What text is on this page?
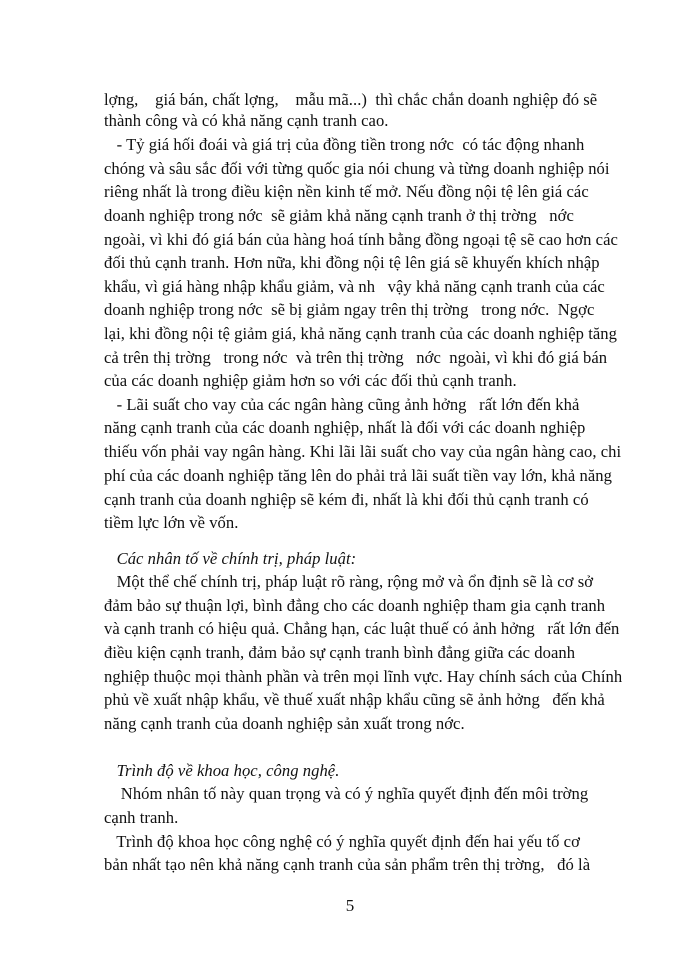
lợng,    giá bán, chất lợng,    mẫu mã...)  thì chắc chắn doanh nghiệp đó sẽ
thành công và có khả năng cạnh tranh cao.
- Tỷ giá hối đoái và giá trị của đồng tiền trong nớc  có tác động nhanh
chóng và sâu sắc đối với từng quốc gia nói chung và từng doanh nghiệp nói
riêng nhất là trong điều kiện nền kinh tế mở. Nếu đồng nội tệ lên giá các
doanh nghiệp trong nớc  sẽ giảm khả năng cạnh tranh ở thị trờng   nớc
ngoài, vì khi đó giá bán của hàng hoá tính bằng đồng ngoại tệ sẽ cao hơn các
đối thủ cạnh tranh. Hơn nữa, khi đồng nội tệ lên giá sẽ khuyến khích nhập
khẩu, vì giá hàng nhập khẩu giảm, và nh   vậy khả năng cạnh tranh của các
doanh nghiệp trong nớc  sẽ bị giảm ngay trên thị trờng   trong nớc.  Ngợc
lại, khi đồng nội tệ giảm giá, khả năng cạnh tranh của các doanh nghiệp tăng
cả trên thị trờng   trong nớc  và trên thị trờng   nớc  ngoài, vì khi đó giá bán
của các doanh nghiệp giảm hơn so với các đối thủ cạnh tranh.
- Lãi suất cho vay của các ngân hàng cũng ảnh hởng   rất lớn đến khả
năng cạnh tranh của các doanh nghiệp, nhất là đối với các doanh nghiệp
thiếu vốn phải vay ngân hàng. Khi lãi lãi suất cho vay của ngân hàng cao, chi
phí của các doanh nghiệp tăng lên do phải trả lãi suất tiền vay lớn, khả năng
cạnh tranh của doanh nghiệp sẽ kém đi, nhất là khi đối thủ cạnh tranh có
tiềm lực lớn về vốn.
Các nhân tố về chính trị, pháp luật:
Một thể chế chính trị, pháp luật rõ ràng, rộng mở và ổn định sẽ là cơ sở
đảm bảo sự thuận lợi, bình đẳng cho các doanh nghiệp tham gia cạnh tranh
và cạnh tranh có hiệu quả. Chẳng hạn, các luật thuế có ảnh hởng   rất lớn đến
điều kiện cạnh tranh, đảm bảo sự cạnh tranh bình đẳng giữa các doanh
nghiệp thuộc mọi thành phần và trên mọi lĩnh vực. Hay chính sách của Chính
phủ về xuất nhập khẩu, về thuế xuất nhập khẩu cũng sẽ ảnh hởng   đến khả
năng cạnh tranh của doanh nghiệp sản xuất trong nớc.
Trình độ về khoa học, công nghệ.
Nhóm nhân tố này quan trọng và có ý nghĩa quyết định đến môi trờng
cạnh tranh.
Trình độ khoa học công nghệ có ý nghĩa quyết định đến hai yếu tố cơ
bản nhất tạo nên khả năng cạnh tranh của sản phẩm trên thị trờng,   đó là
5
